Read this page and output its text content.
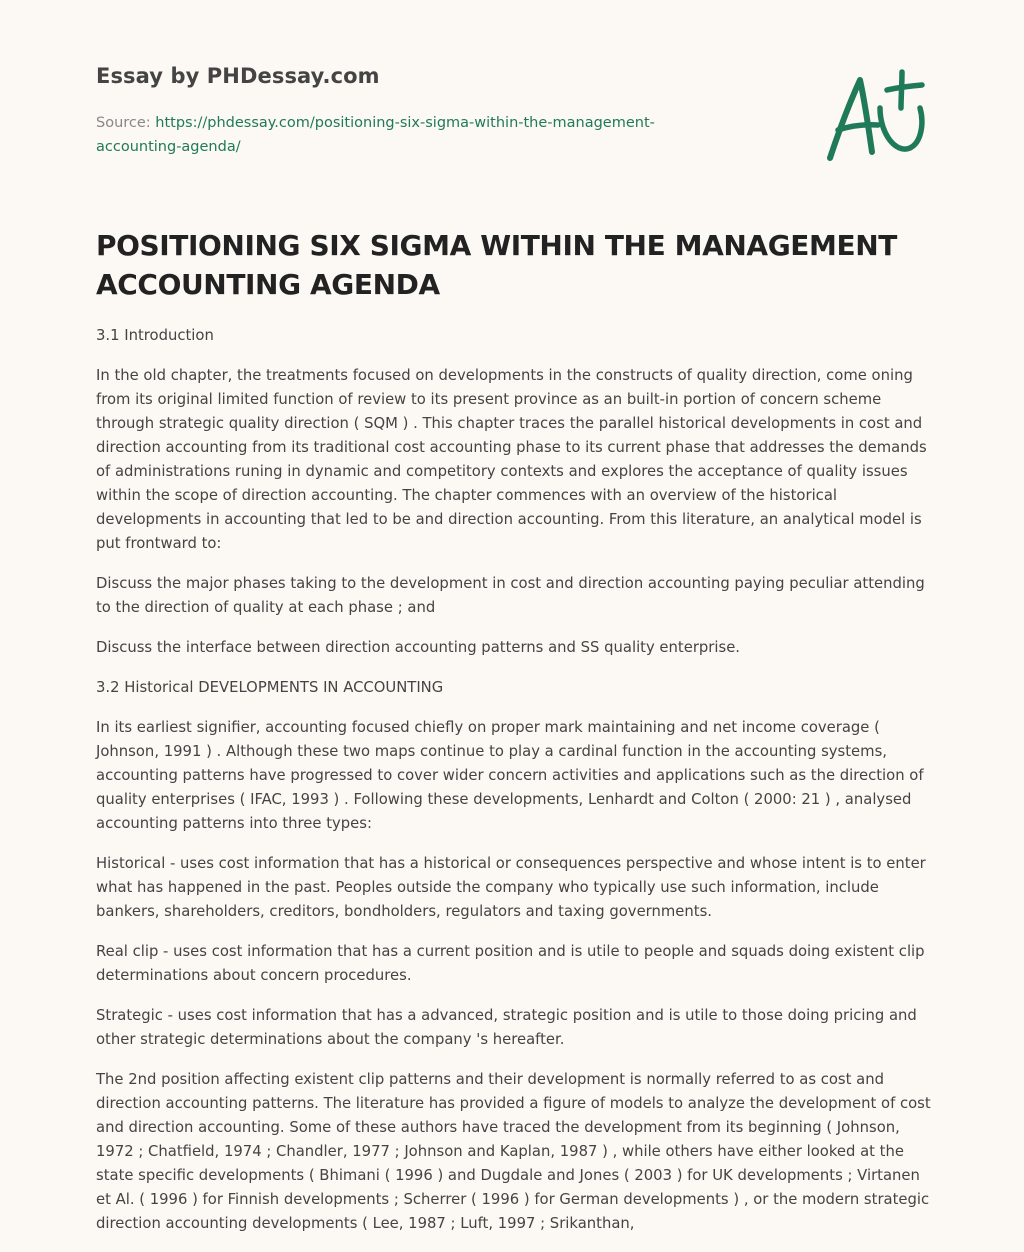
Essay by PHDessay.com
Source: https://phdessay.com/positioning-six-sigma-within-the-management-accounting-agenda/
POSITIONING SIX SIGMA WITHIN THE MANAGEMENT ACCOUNTING AGENDA

3.1 Introduction

In the old chapter, the treatments focused on developments in the constructs of quality direction, come oning from its original limited function of review to its present province as an built-in portion of concern scheme through strategic quality direction ( SQM ) . This chapter traces the parallel historical developments in cost and direction accounting from its traditional cost accounting phase to its current phase that addresses the demands of administrations runing in dynamic and competitory contexts and explores the acceptance of quality issues within the scope of direction accounting. The chapter commences with an overview of the historical developments in accounting that led to be and direction accounting. From this literature, an analytical model is put frontward to:

Discuss the major phases taking to the development in cost and direction accounting paying peculiar attending to the direction of quality at each phase ; and

Discuss the interface between direction accounting patterns and SS quality enterprise.

3.2 Historical DEVELOPMENTS IN ACCOUNTING

In its earliest signifier, accounting focused chiefly on proper mark maintaining and net income coverage ( Johnson, 1991 ) . Although these two maps continue to play a cardinal function in the accounting systems, accounting patterns have progressed to cover wider concern activities and applications such as the direction of quality enterprises ( IFAC, 1993 ) . Following these developments, Lenhardt and Colton ( 2000: 21 ) , analysed accounting patterns into three types:

Historical - uses cost information that has a historical or consequences perspective and whose intent is to enter what has happened in the past. Peoples outside the company who typically use such information, include bankers, shareholders, creditors, bondholders, regulators and taxing governments.

Real clip - uses cost information that has a current position and is utile to people and squads doing existent clip determinations about concern procedures.

Strategic - uses cost information that has a advanced, strategic position and is utile to those doing pricing and other strategic determinations about the company 's hereafter.

The 2nd position affecting existent clip patterns and their development is normally referred to as cost and direction accounting patterns. The literature has provided a figure of models to analyze the development of cost and direction accounting. Some of these authors have traced the development from its beginning ( Johnson, 1972 ; Chatfield, 1974 ; Chandler, 1977 ; Johnson and Kaplan, 1987 ) , while others have either looked at the state specific developments ( Bhimani ( 1996 ) and Dugdale and Jones ( 2003 ) for UK developments ; Virtanen et Al. ( 1996 ) for Finnish developments ; Scherrer ( 1996 ) for German developments ) , or the modern strategic direction accounting developments ( Lee, 1987 ; Luft, 1997 ; Srikanthan,
